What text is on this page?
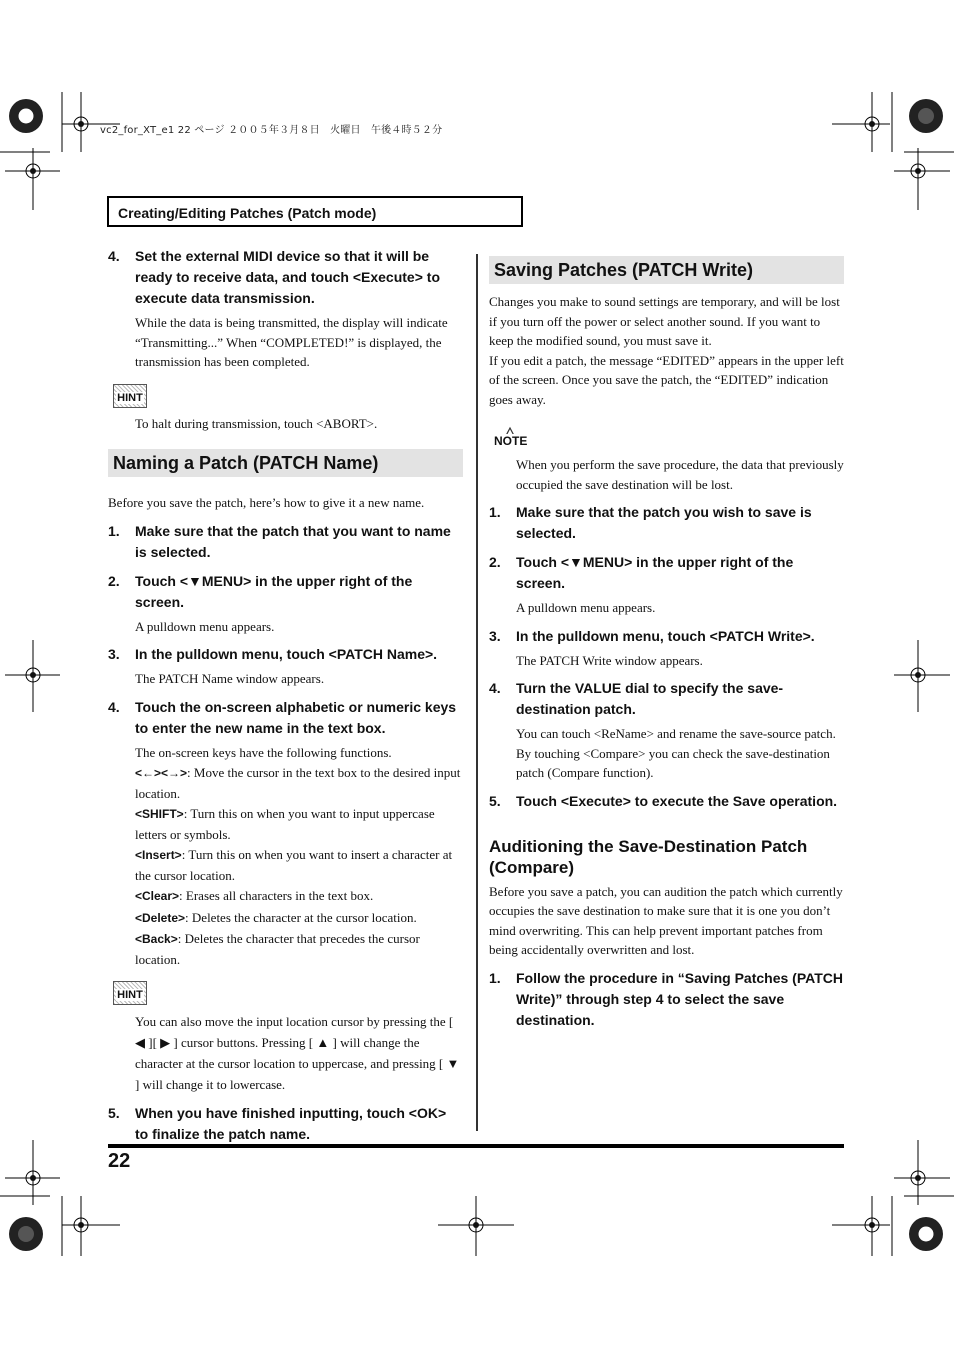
vc2_for_XT_e1 22 ページ ２００５年３月８日　火曜日　午後４時５２分
Creating/Editing Patches (Patch mode)
4. Set the external MIDI device so that it will be ready to receive data, and touch <Execute> to execute data transmission.
While the data is being transmitted, the display will indicate “Transmitting...” When “COMPLETED!” is displayed, the transmission has been completed.
HINT
To halt during transmission, touch <ABORT>.
Naming a Patch (PATCH Name)
Before you save the patch, here’s how to give it a new name.
1. Make sure that the patch that you want to name is selected.
2. Touch <▼MENU> in the upper right of the screen.
A pulldown menu appears.
3. In the pulldown menu, touch <PATCH Name>.
The PATCH Name window appears.
4. Touch the on-screen alphabetic or numeric keys to enter the new name in the text box.
The on-screen keys have the following functions.
<←><→>: Move the cursor in the text box to the desired input location.
<SHIFT>: Turn this on when you want to input uppercase letters or symbols.
<Insert>: Turn this on when you want to insert a character at the cursor location.
<Clear>: Erases all characters in the text box.
<Delete>: Deletes the character at the cursor location.
<Back>: Deletes the character that precedes the cursor location.
HINT
You can also move the input location cursor by pressing the [ ◀ ][ ▶ ] cursor buttons. Pressing [ ▲ ] will change the character at the cursor location to uppercase, and pressing [ ▼ ] will change it to lowercase.
5. When you have finished inputting, touch <OK> to finalize the patch name.
Saving Patches (PATCH Write)
Changes you make to sound settings are temporary, and will be lost if you turn off the power or select another sound. If you want to keep the modified sound, you must save it.
If you edit a patch, the message “EDITED” appears in the upper left of the screen. Once you save the patch, the “EDITED” indication goes away.
NOTE
When you perform the save procedure, the data that previously occupied the save destination will be lost.
1. Make sure that the patch you wish to save is selected.
2. Touch <▼MENU> in the upper right of the screen.
A pulldown menu appears.
3. In the pulldown menu, touch <PATCH Write>.
The PATCH Write window appears.
4. Turn the VALUE dial to specify the save-destination patch.
You can touch <ReName> and rename the save-source patch.
By touching <Compare> you can check the save-destination patch (Compare function).
5. Touch <Execute> to execute the Save operation.
Auditioning the Save-Destination Patch (Compare)
Before you save a patch, you can audition the patch which currently occupies the save destination to make sure that it is one you don’t mind overwriting. This can help prevent important patches from being accidentally overwritten and lost.
1. Follow the procedure in “Saving Patches (PATCH Write)” through step 4 to select the save destination.
22
